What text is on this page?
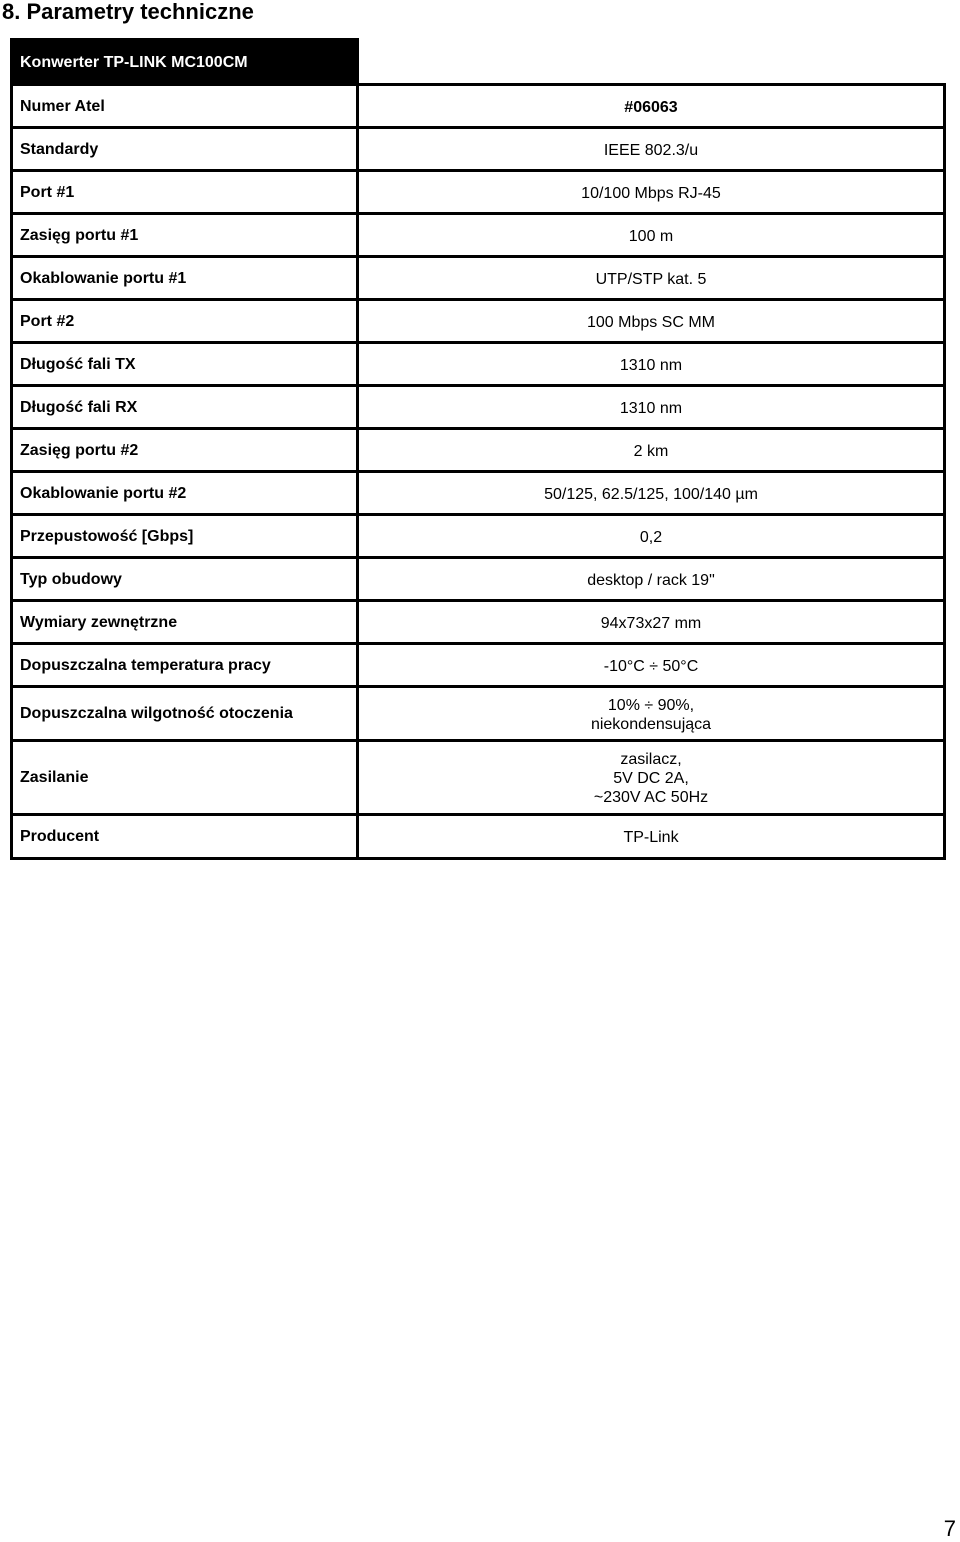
8. Parametry techniczne
Konwerter TP-LINK MC100CM	
Numer Atel	#06063
Standardy	IEEE 802.3/u
Port #1	10/100 Mbps RJ-45
Zasięg portu #1	100 m
Okablowanie portu #1	UTP/STP kat. 5
Port #2	100 Mbps SC MM
Długość fali TX	1310 nm
Długość fali RX	1310 nm
Zasięg portu #2	2 km
Okablowanie portu #2	50/125, 62.5/125, 100/140 µm
Przepustowość [Gbps]	0,2
Typ obudowy	desktop / rack 19"
Wymiary zewnętrzne	94x73x27 mm
Dopuszczalna temperatura pracy	-10°C ÷ 50°C
Dopuszczalna wilgotność otoczenia	10% ÷ 90%,
niekondensująca

Zasilanie	zasilacz,
5V DC 2A,
~230V AC 50Hz

Producent	TP-Link
7
